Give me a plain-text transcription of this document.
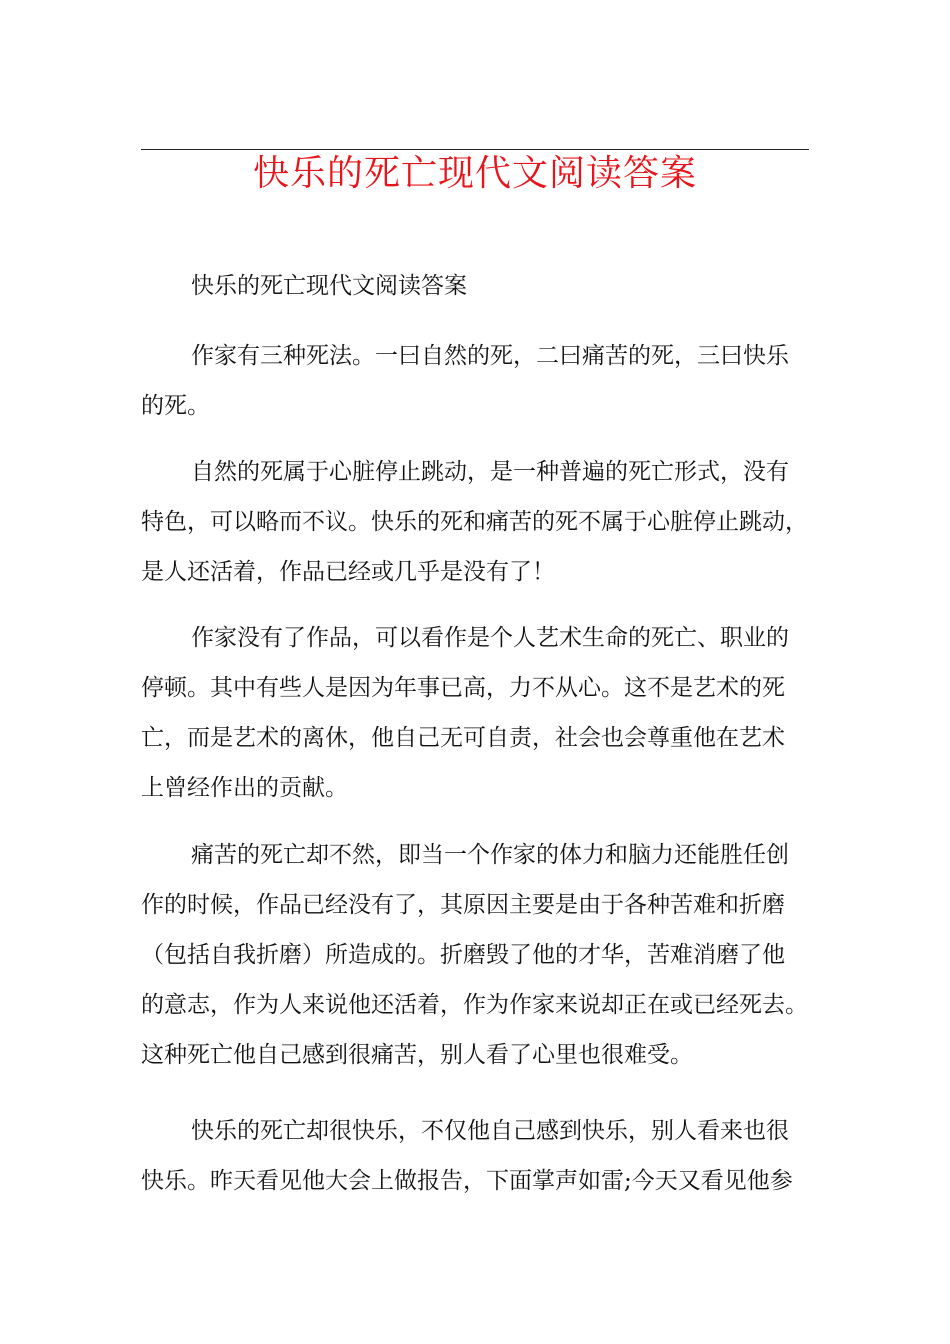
快乐的死亡现代文阅读答案
快乐的死亡现代文阅读答案
作家有三种死法。一曰自然的死，二曰痛苦的死，三曰快乐
的死。
自然的死属于心脏停止跳动，是一种普遍的死亡形式，没有
特色，可以略而不议。快乐的死和痛苦的死不属于心脏停止跳动，
是人还活着，作品已经或几乎是没有了！
作家没有了作品，可以看作是个人艺术生命的死亡、职业的
停顿。其中有些人是因为年事已高，力不从心。这不是艺术的死
亡，而是艺术的离休，他自己无可自责，社会也会尊重他在艺术
上曾经作出的贡献。
痛苦的死亡却不然，即当一个作家的体力和脑力还能胜任创
作的时候，作品已经没有了，其原因主要是由于各种苦难和折磨
（包括自我折磨）所造成的。折磨毁了他的才华，苦难消磨了他
的意志，作为人来说他还活着，作为作家来说却正在或已经死去。
这种死亡他自己感到很痛苦，别人看了心里也很难受。
快乐的死亡却很快乐，不仅他自己感到快乐，别人看来也很
快乐。昨天看见他大会上做报告，下面掌声如雷;今天又看见他参
